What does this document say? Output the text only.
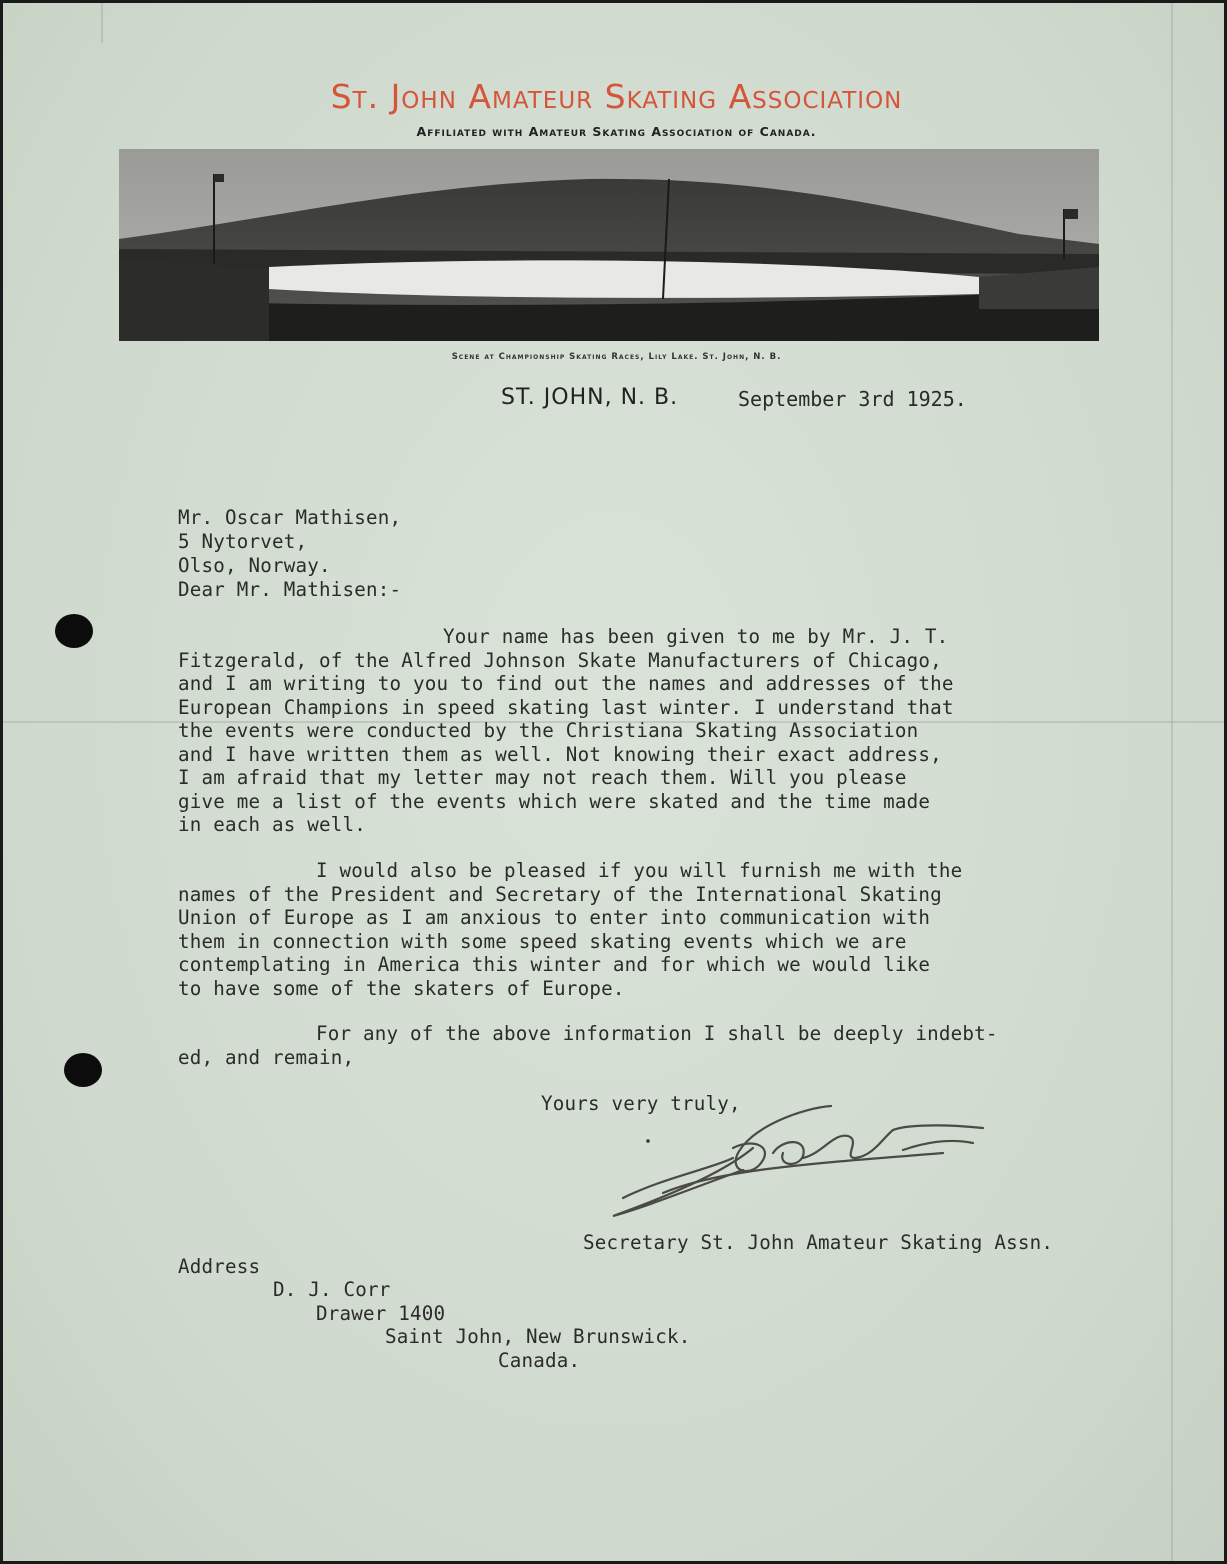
St. John Amateur Skating Association
Affiliated with Amateur Skating Association of Canada.
Scene at Championship Skating Races, Lily Lake. St. John, N. B.
ST. JOHN, N. B.	September 3rd 1925.
Mr. Oscar Mathisen,
5 Nytorvet,
Olso, Norway.
Dear Mr. Mathisen:-
Your name has been given to me by Mr. J. T.
Fitzgerald, of the Alfred Johnson Skate Manufacturers of Chicago,
and I am writing to you to find out the names and addresses of the
European Champions in speed skating last winter. I understand that
the events were conducted by the Christiana Skating Association
and I have written them as well. Not knowing their exact address,
I am afraid that my letter may not reach them. Will you please
give me a list of the events which were skated and the time made
in each as well.
I would also be pleased if you will furnish me with the
names of the President and Secretary of the International Skating
Union of Europe as I am anxious to enter into communication with
them in connection with some speed skating events which we are
contemplating in America this winter and for which we would like
to have some of the skaters of Europe.
For any of the above information I shall be deeply indebt-
ed, and remain,
Yours very truly,
Secretary St. John Amateur Skating Assn.
Address
D. J. Corr
Drawer 1400
Saint John, New Brunswick.
Canada.
